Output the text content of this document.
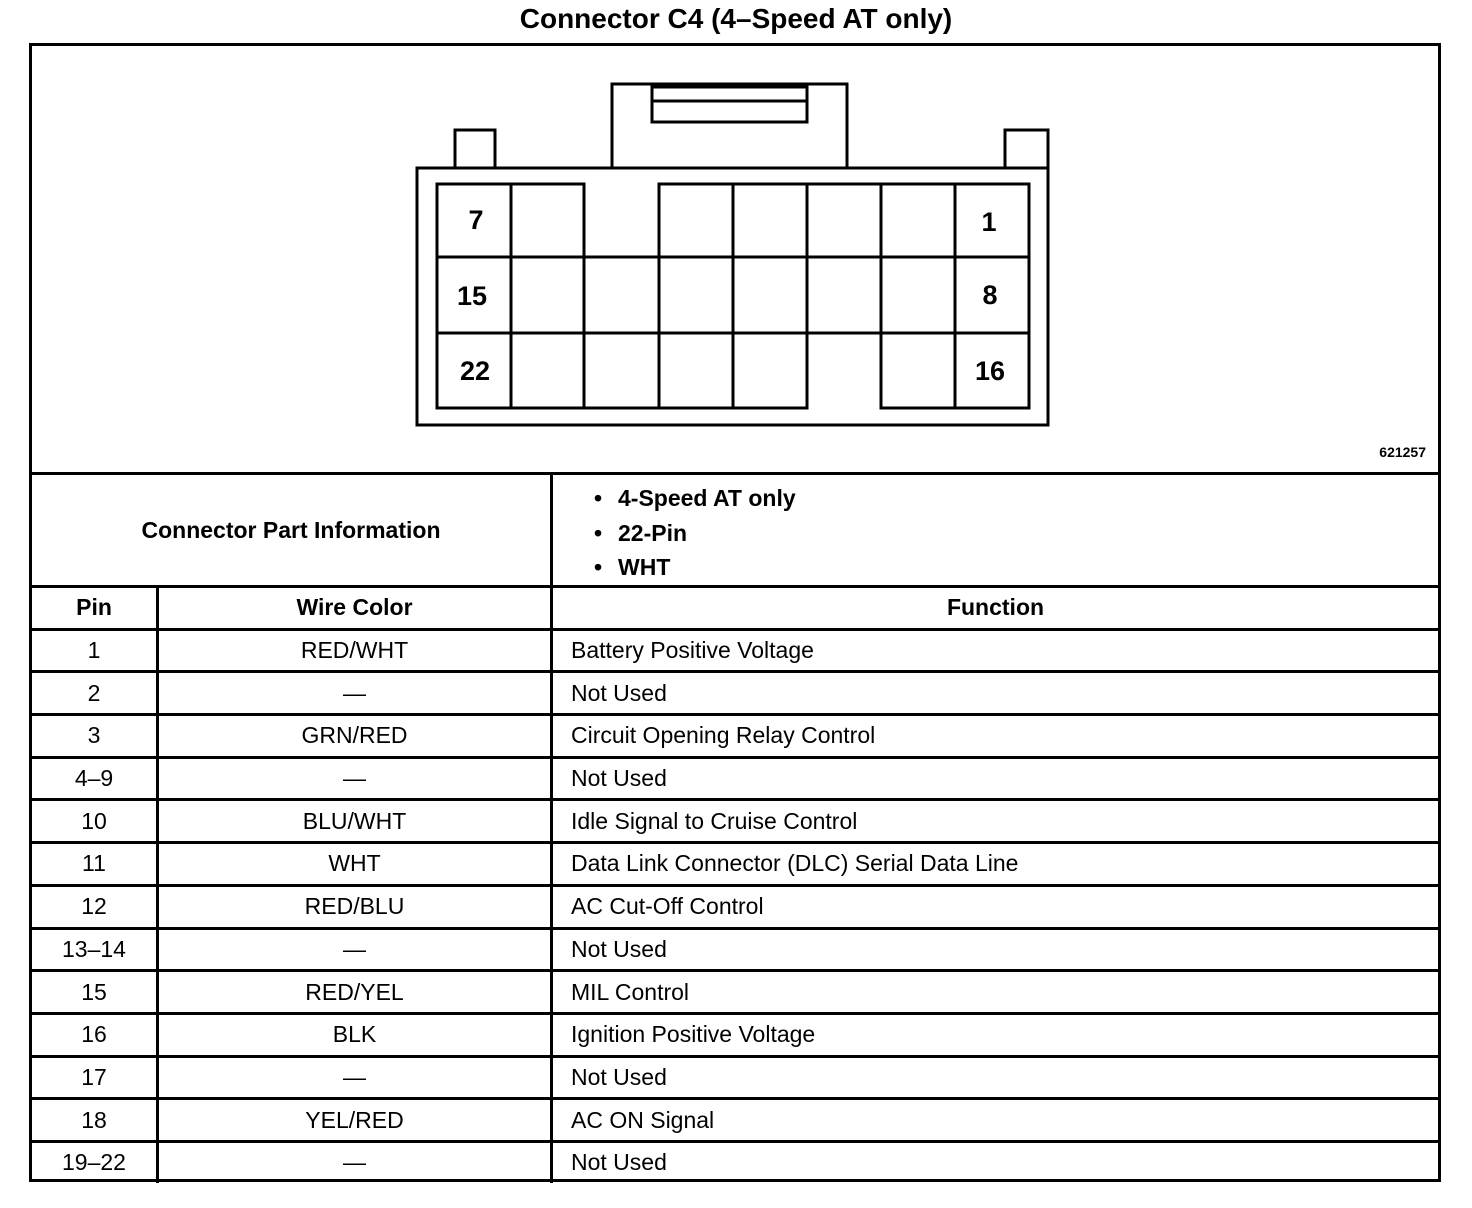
Connector C4 (4–Speed AT only)
7	1
15	8
22	16
621257
Connector Part Information
• 4-Speed AT only
• 22-Pin
• WHT
Pin	Wire Color	Function
1	RED/WHT	Battery Positive Voltage
2	—	Not Used
3	GRN/RED	Circuit Opening Relay Control
4–9	—	Not Used
10	BLU/WHT	Idle Signal to Cruise Control
11	WHT	Data Link Connector (DLC) Serial Data Line
12	RED/BLU	AC Cut-Off Control
13–14	—	Not Used
15	RED/YEL	MIL Control
16	BLK	Ignition Positive Voltage
17	—	Not Used
18	YEL/RED	AC ON Signal
19–22	—	Not Used
